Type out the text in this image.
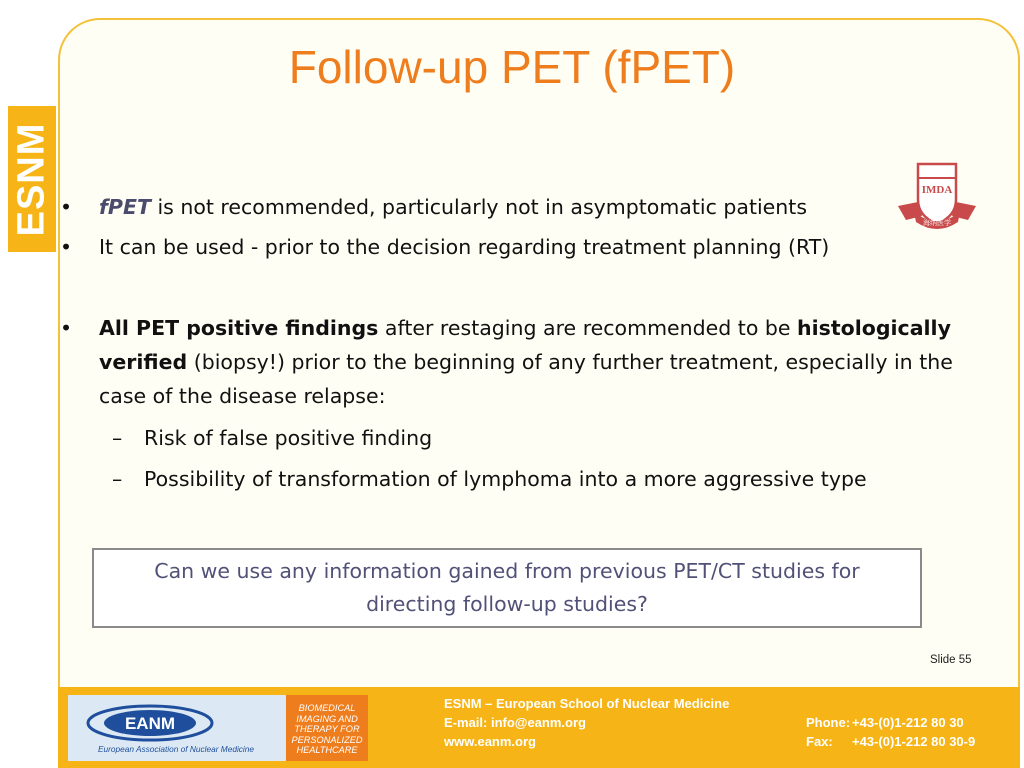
ESNM
Follow-up PET (fPET)
IMDA
海纳医学
•	fPET is not recommended, particularly not in asymptomatic patients
•	It can be used - prior to the decision regarding treatment planning (RT)
•	All PET positive findings after restaging are recommended to be histologically verified (biopsy!) prior to the beginning of any further treatment, especially in the case of the disease relapse:
–	Risk of false positive finding
–	Possibility of transformation of lymphoma into a more aggressive type
Can we use any information gained from previous PET/CT studies for directing follow-up studies?
Slide 55
EANM
European Association of Nuclear Medicine
BIOMEDICAL
IMAGING AND
THERAPY FOR
PERSONALIZED
HEALTHCARE
ESNM – European School of Nuclear Medicine
E-mail: info@eanm.org
www.eanm.org
Phone: +43-(0)1-212 80 30
Fax: +43-(0)1-212 80 30-9
